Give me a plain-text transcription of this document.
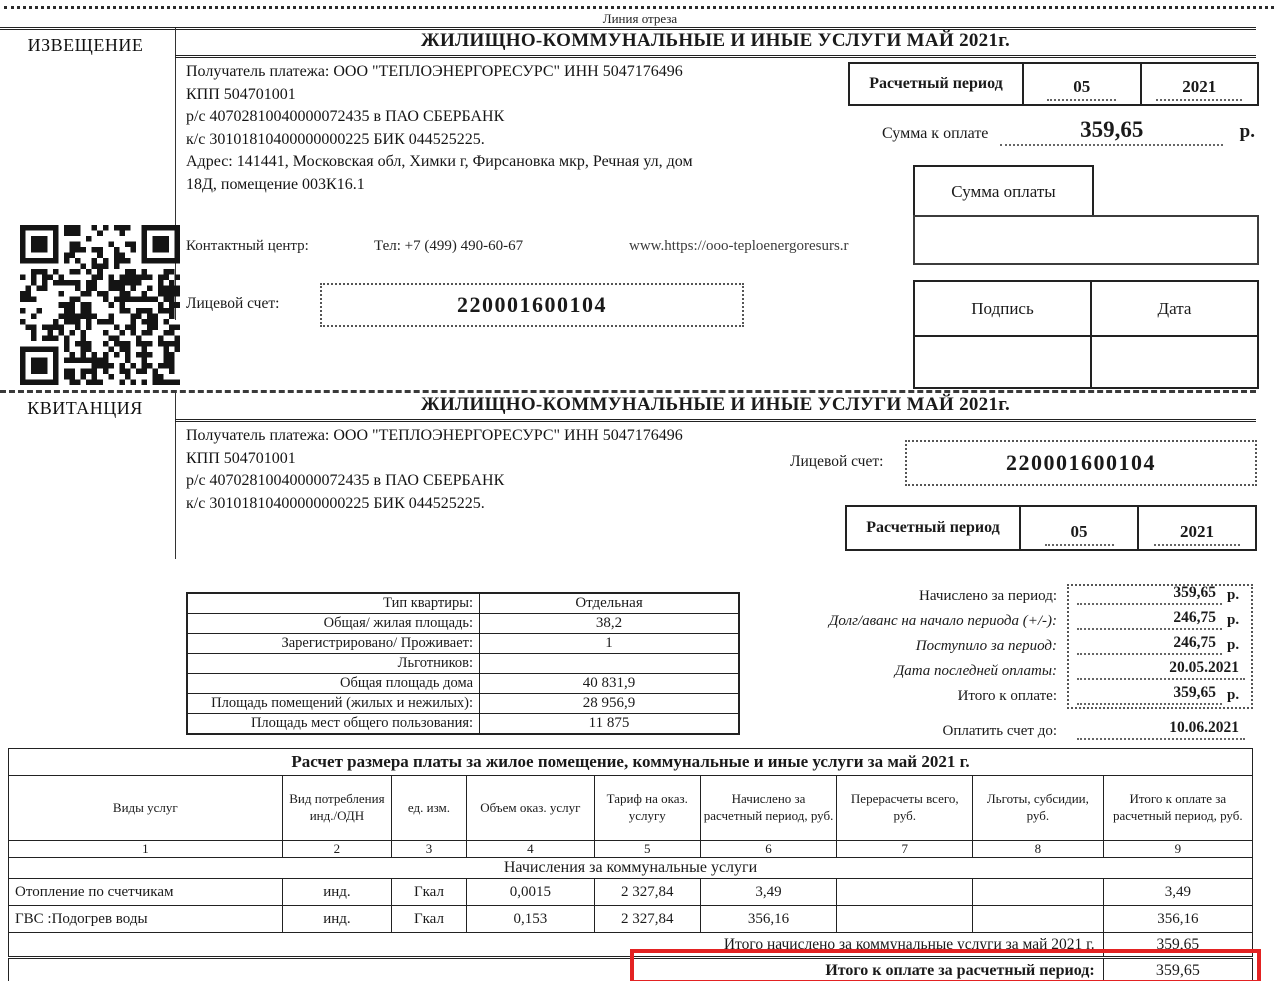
Линия отреза
ИЗВЕЩЕНИЕ	ЖИЛИЩНО-КОММУНАЛЬНЫЕ И ИНЫЕ УСЛУГИ МАЙ 2021г.
Получатель платежа: ООО "ТЕПЛОЭНЕРГОРЕСУРС" ИНН 5047176496
КПП 504701001
р/с 40702810040000072435 в ПАО СБЕРБАНК
к/с 30101810400000000225 БИК 044525225.
Адрес: 141441, Московская обл, Химки г, Фирсановка мкр, Речная ул, дом
18Д, помещение 003К16.1
Расчетный период	05	2021
Сумма к оплате	359,65	р.
Сумма оплаты
Контактный центр:	Тел: +7 (499) 490-60-67	www.https://ooo-teploenergoresurs.r
Лицевой счет:	220001600104	Подпись	Дата
КВИТАНЦИЯ	ЖИЛИЩНО-КОММУНАЛЬНЫЕ И ИНЫЕ УСЛУГИ МАЙ 2021г.
Получатель платежа: ООО "ТЕПЛОЭНЕРГОРЕСУРС" ИНН 5047176496
КПП 504701001
р/с 40702810040000072435 в ПАО СБЕРБАНК
к/с 30101810400000000225 БИК 044525225.
Лицевой счет:	220001600104
Расчетный период	05	2021
Тип квартиры:	Отдельная
Общая/ жилая площадь:	38,2
Зарегистрировано/ Проживает:	1
Льготников:	
Общая площадь дома	40 831,9
Площадь помещений (жилых и нежилых):	28 956,9
Площадь мест общего пользования:	11 875
Начислено за период:	359,65 р.
Долг/аванс на начало периода (+/-):	246,75 р.
Поступило за период:	246,75 р.
Дата последней оплаты:	20.05.2021
Итого к оплате:	359,65 р.
Оплатить счет до:	10.06.2021
Расчет размера платы за жилое помещение, коммунальные и иные услуги за май 2021 г.								
Виды услуг	Вид потребления инд./ОДН	ед. изм.	Объем оказ. услуг	Тариф на оказ. услугу	Начислено за расчетный период, руб.	Перерасчеты всего, руб.	Льготы, субсидии, руб.	Итого к оплате за расчетный период, руб.
1	2	3	4	5	6	7	8	9
Начисления за коммунальные услуги								
Отопление по счетчикам	инд.	Гкал	0,0015	2 327,84	3,49			3,49
ГВС :Подогрев воды	инд.	Гкал	0,153	2 327,84	356,16			356,16
Итого начислено за коммунальные услуги за май 2021 г.								359,65
Итого к оплате за расчетный период:								359,65
